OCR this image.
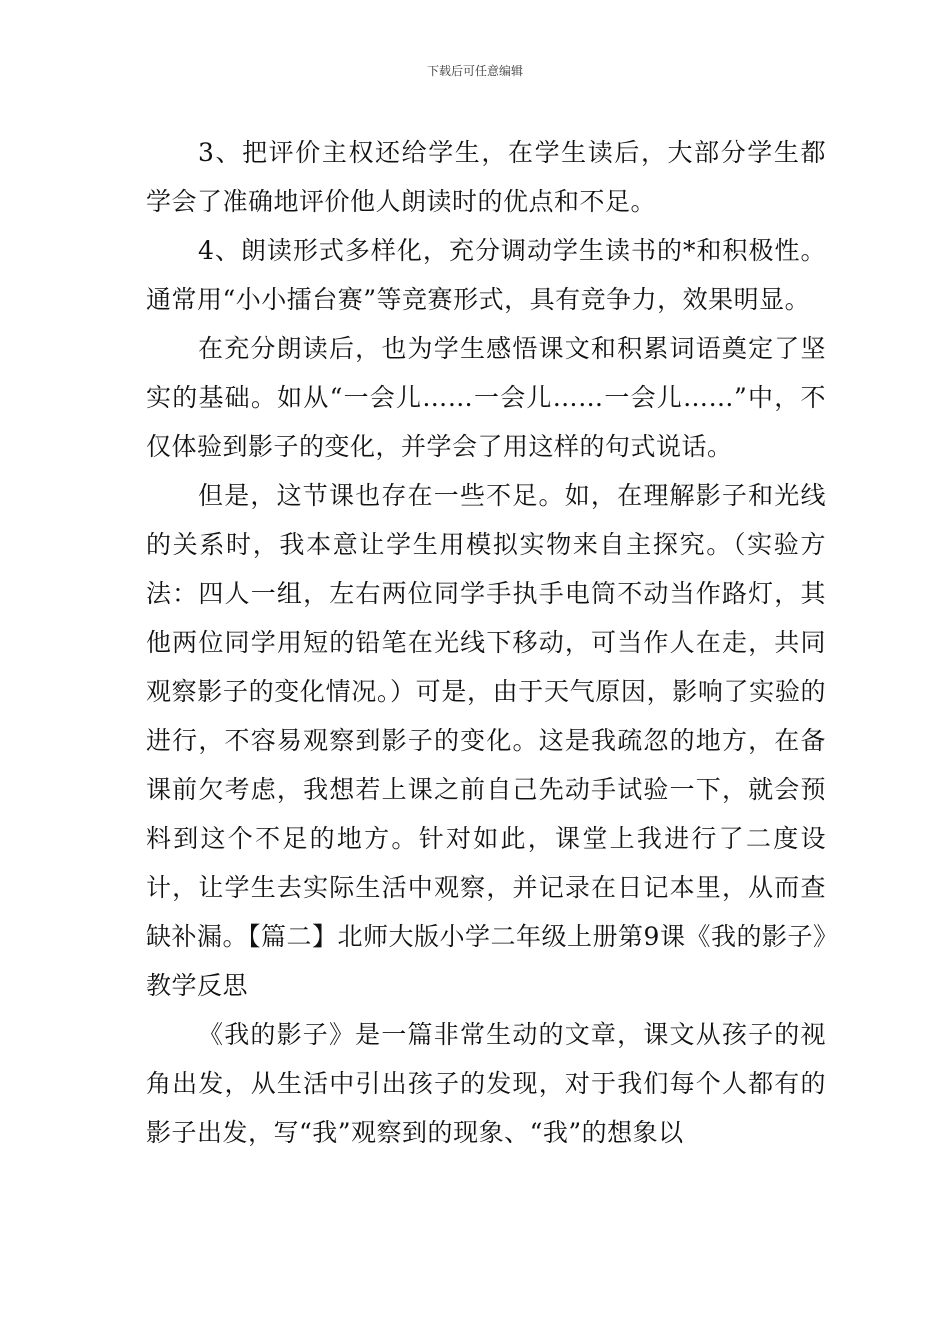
下载后可任意编辑

3、把评价主权还给学生，在学生读后，大部分学生都学会了准确地评价他人朗读时的优点和不足。

4、朗读形式多样化，充分调动学生读书的*和积极性。通常用“小小擂台赛”等竞赛形式，具有竞争力，效果明显。

在充分朗读后，也为学生感悟课文和积累词语奠定了坚实的基础。如从“一会儿……一会儿……一会儿……”中，不仅体验到影子的变化，并学会了用这样的句式说话。

但是，这节课也存在一些不足。如，在理解影子和光线的关系时，我本意让学生用模拟实物来自主探究。（实验方法：四人一组，左右两位同学手执手电筒不动当作路灯，其他两位同学用短的铅笔在光线下移动，可当作人在走，共同观察影子的变化情况。）可是，由于天气原因，影响了实验的进行，不容易观察到影子的变化。这是我疏忽的地方，在备课前欠考虑，我想若上课之前自己先动手试验一下，就会预料到这个不足的地方。针对如此，课堂上我进行了二度设计，让学生去实际生活中观察，并记录在日记本里，从而查缺补漏。【篇二】北师大版小学二年级上册第9课《我的影子》教学反思

《我的影子》是一篇非常生动的文章，课文从孩子的视角出发，从生活中引出孩子的发现，对于我们每个人都有的影子出发，写“我”观察到的现象、“我”的想象以
